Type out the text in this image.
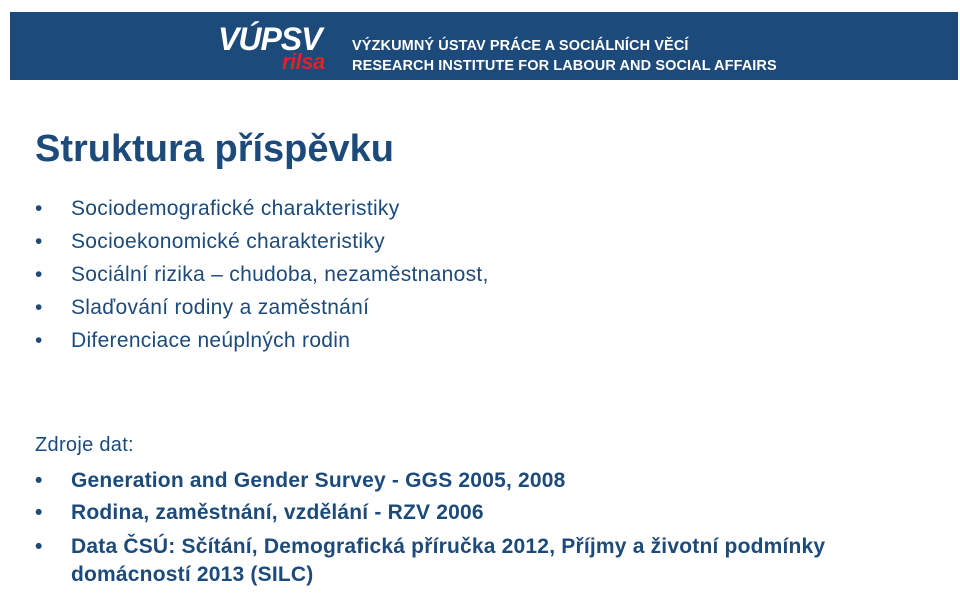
VÚPSV
rilsa
VÝZKUMNÝ ÚSTAV PRÁCE A SOCIÁLNÍCH VĚCÍ
RESEARCH INSTITUTE FOR LABOUR AND SOCIAL AFFAIRS
Struktura příspěvku
• Sociodemografické charakteristiky
• Socioekonomické charakteristiky
• Sociální rizika – chudoba, nezaměstnanost,
• Slaďování rodiny a zaměstnání
• Diferenciace neúplných rodin
Zdroje dat:
• Generation and Gender Survey - GGS 2005, 2008
• Rodina, zaměstnání, vzdělání - RZV 2006
• Data ČSÚ: Sčítání, Demografická příručka 2012, Příjmy a životní podmínky domácností 2013 (SILC)
